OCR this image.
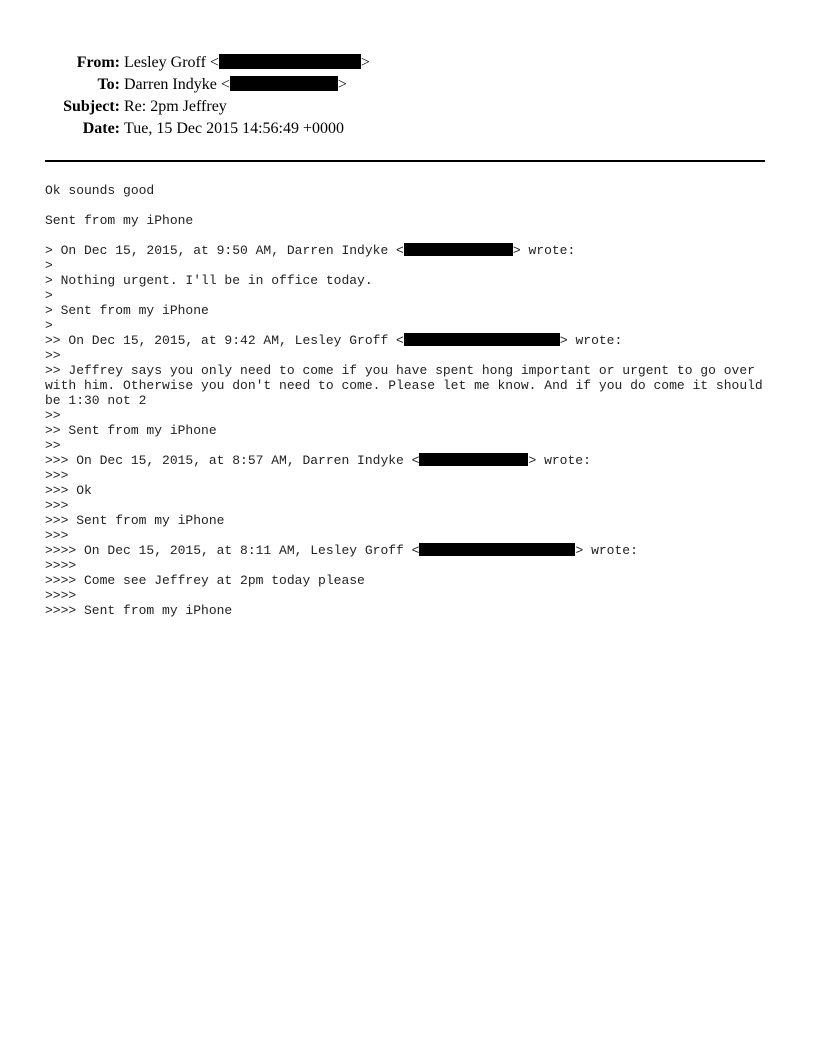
From: Lesley Groff <	>
To: Darren Indyke <	>
Subject: Re: 2pm Jeffrey
Date: Tue, 15 Dec 2015 14:56:49 +0000
Ok sounds good
Sent from my iPhone
> On Dec 15, 2015, at 9:50 AM, Darren Indyke <	> wrote:
>
> Nothing urgent. I'll be in office today.
>
> Sent from my iPhone
>
>> On Dec 15, 2015, at 9:42 AM, Lesley Groff <	> wrote:
>>
>> Jeffrey says you only need to come if you have spent hong important or urgent to go over with him. Otherwise you don't need to come. Please let me know. And if you do come it should be 1:30 not 2
>>
>> Sent from my iPhone
>>
>>> On Dec 15, 2015, at 8:57 AM, Darren Indyke <	> wrote:
>>>
>>> Ok
>>>
>>> Sent from my iPhone
>>>
>>>> On Dec 15, 2015, at 8:11 AM, Lesley Groff <	> wrote:
>>>>
>>>> Come see Jeffrey at 2pm today please
>>>>
>>>> Sent from my iPhone
